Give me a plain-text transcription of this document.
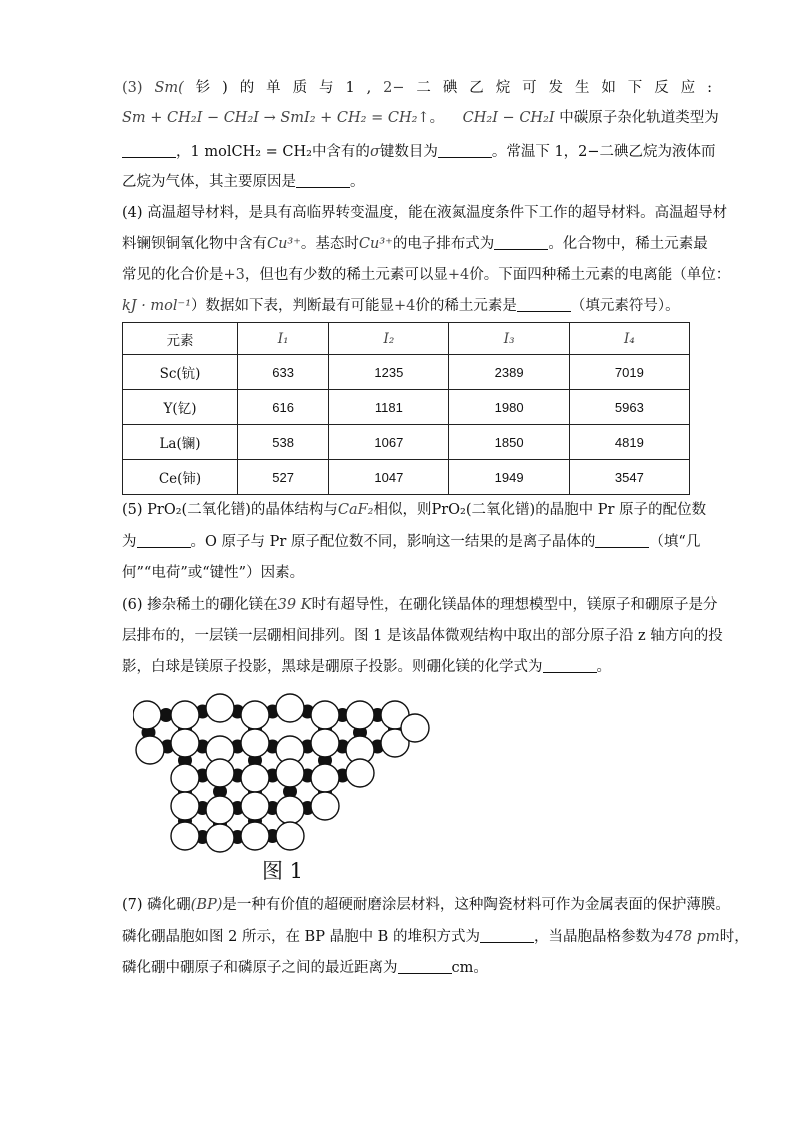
(3) Sm( 钐 ) 的 单 质 与 1 , 2− 二 碘 乙 烷 可 发 生 如 下 反 应 :
Sm + CH₂I − CH₂I → SmI₂ + CH₂ = CH₂↑。 CH₂I − CH₂I 中碳原子杂化轨道类型为
，1 molCH₂ = CH₂中含有的σ键数目为	。常温下 1，2−二碘乙烷为液体而
乙烷为气体，其主要原因是	。
(4) 高温超导材料，是具有高临界转变温度，能在液氮温度条件下工作的超导材料。高温超导材
料镧钡铜氧化物中含有Cu³⁺。基态时Cu³⁺的电子排布式为	。化合物中，稀土元素最
常见的化合价是+3，但也有少数的稀土元素可以显+4价。下面四种稀土元素的电离能（单位：
kJ · mol⁻¹）数据如下表，判断最有可能显+4价的稀土元素是	（填元素符号）。
元素	I₁	I₂	I₃	I₄
Sc(钪)	633	1235	2389	7019
Y(钇)	616	1181	1980	5963
La(镧)	538	1067	1850	4819
Ce(铈)	527	1047	1949	3547
(5) PrO₂(二氧化镨)的晶体结构与CaF₂相似，则PrO₂(二氧化镨)的晶胞中 Pr 原子的配位数
为	。O 原子与 Pr 原子配位数不同，影响这一结果的是离子晶体的	（填“几
何”“电荷”或“键性”）因素。
(6) 掺杂稀土的硼化镁在39 K时有超导性，在硼化镁晶体的理想模型中，镁原子和硼原子是分
层排布的，一层镁一层硼相间排列。图 1 是该晶体微观结构中取出的部分原子沿 z 轴方向的投
影，白球是镁原子投影，黑球是硼原子投影。则硼化镁的化学式为	。
图 1
(7) 磷化硼(BP)是一种有价值的超硬耐磨涂层材料，这种陶瓷材料可作为金属表面的保护薄膜。
磷化硼晶胞如图 2 所示，在 BP 晶胞中 B 的堆积方式为	，当晶胞晶格参数为478 pm时，
磷化硼中硼原子和磷原子之间的最近距离为	cm。
